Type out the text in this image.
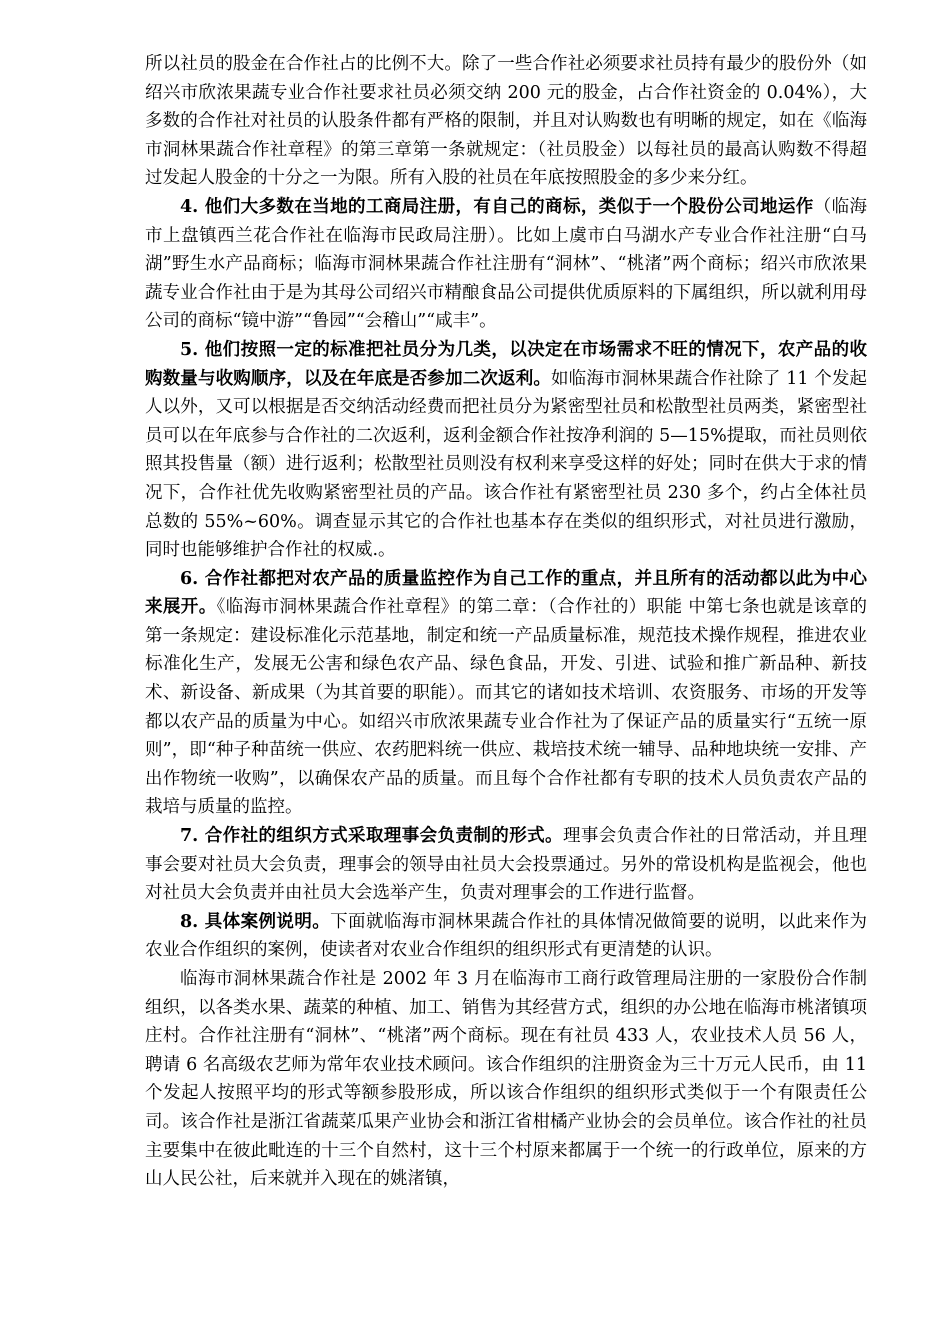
所以社员的股金在合作社占的比例不大。除了一些合作社必须要求社员持有最少的股份外（如绍兴市欣浓果蔬专业合作社要求社员必须交纳 200 元的股金，占合作社资金的 0.04%），大多数的合作社对社员的认股条件都有严格的限制，并且对认购数也有明晰的规定，如在《临海市洞林果蔬合作社章程》的第三章第一条就规定：（社员股金）以每社员的最高认购数不得超过发起人股金的十分之一为限。所有入股的社员在年底按照股金的多少来分红。

4. 他们大多数在当地的工商局注册，有自己的商标，类似于一个股份公司地运作（临海市上盘镇西兰花合作社在临海市民政局注册）。比如上虞市白马湖水产专业合作社注册“白马湖”野生水产品商标；临海市洞林果蔬合作社注册有“洞林”、“桃渚”两个商标；绍兴市欣浓果蔬专业合作社由于是为其母公司绍兴市精酿食品公司提供优质原料的下属组织，所以就利用母公司的商标“镜中游”“鲁园”“会稽山”“咸丰”。

5. 他们按照一定的标准把社员分为几类，以决定在市场需求不旺的情况下，农产品的收购数量与收购顺序，以及在年底是否参加二次返利。如临海市洞林果蔬合作社除了 11 个发起人以外，又可以根据是否交纳活动经费而把社员分为紧密型社员和松散型社员两类，紧密型社员可以在年底参与合作社的二次返利，返利金额合作社按净利润的 5—15%提取，而社员则依照其投售量（额）进行返利；松散型社员则没有权利来享受这样的好处；同时在供大于求的情况下，合作社优先收购紧密型社员的产品。该合作社有紧密型社员 230 多个，约占全体社员总数的 55%~60%。调查显示其它的合作社也基本存在类似的组织形式，对社员进行激励，同时也能够维护合作社的权威.。

6. 合作社都把对农产品的质量监控作为自己工作的重点，并且所有的活动都以此为中心来展开。《临海市洞林果蔬合作社章程》的第二章：（合作社的）职能 中第七条也就是该章的第一条规定：建设标准化示范基地，制定和统一产品质量标准，规范技术操作规程，推进农业标准化生产，发展无公害和绿色农产品、绿色食品，开发、引进、试验和推广新品种、新技术、新设备、新成果（为其首要的职能）。而其它的诸如技术培训、农资服务、市场的开发等都以农产品的质量为中心。如绍兴市欣浓果蔬专业合作社为了保证产品的质量实行“五统一原则”，即“种子种苗统一供应、农药肥料统一供应、栽培技术统一辅导、品种地块统一安排、产出作物统一收购”，以确保农产品的质量。而且每个合作社都有专职的技术人员负责农产品的栽培与质量的监控。

7. 合作社的组织方式采取理事会负责制的形式。理事会负责合作社的日常活动，并且理事会要对社员大会负责，理事会的领导由社员大会投票通过。另外的常设机构是监视会，他也对社员大会负责并由社员大会选举产生，负责对理事会的工作进行监督。

8. 具体案例说明。下面就临海市洞林果蔬合作社的具体情况做简要的说明，以此来作为农业合作组织的案例，使读者对农业合作组织的组织形式有更清楚的认识。

临海市洞林果蔬合作社是 2002 年 3 月在临海市工商行政管理局注册的一家股份合作制组织，以各类水果、蔬菜的种植、加工、销售为其经营方式，组织的办公地在临海市桃渚镇项庄村。合作社注册有“洞林”、“桃渚”两个商标。现在有社员 433 人，农业技术人员 56 人，聘请 6 名高级农艺师为常年农业技术顾问。该合作组织的注册资金为三十万元人民币，由 11 个发起人按照平均的形式等额参股形成，所以该合作组织的组织形式类似于一个有限责任公司。该合作社是浙江省蔬菜瓜果产业协会和浙江省柑橘产业协会的会员单位。该合作社的社员主要集中在彼此毗连的十三个自然村，这十三个村原来都属于一个统一的行政单位，原来的方山人民公社，后来就并入现在的姚渚镇，
